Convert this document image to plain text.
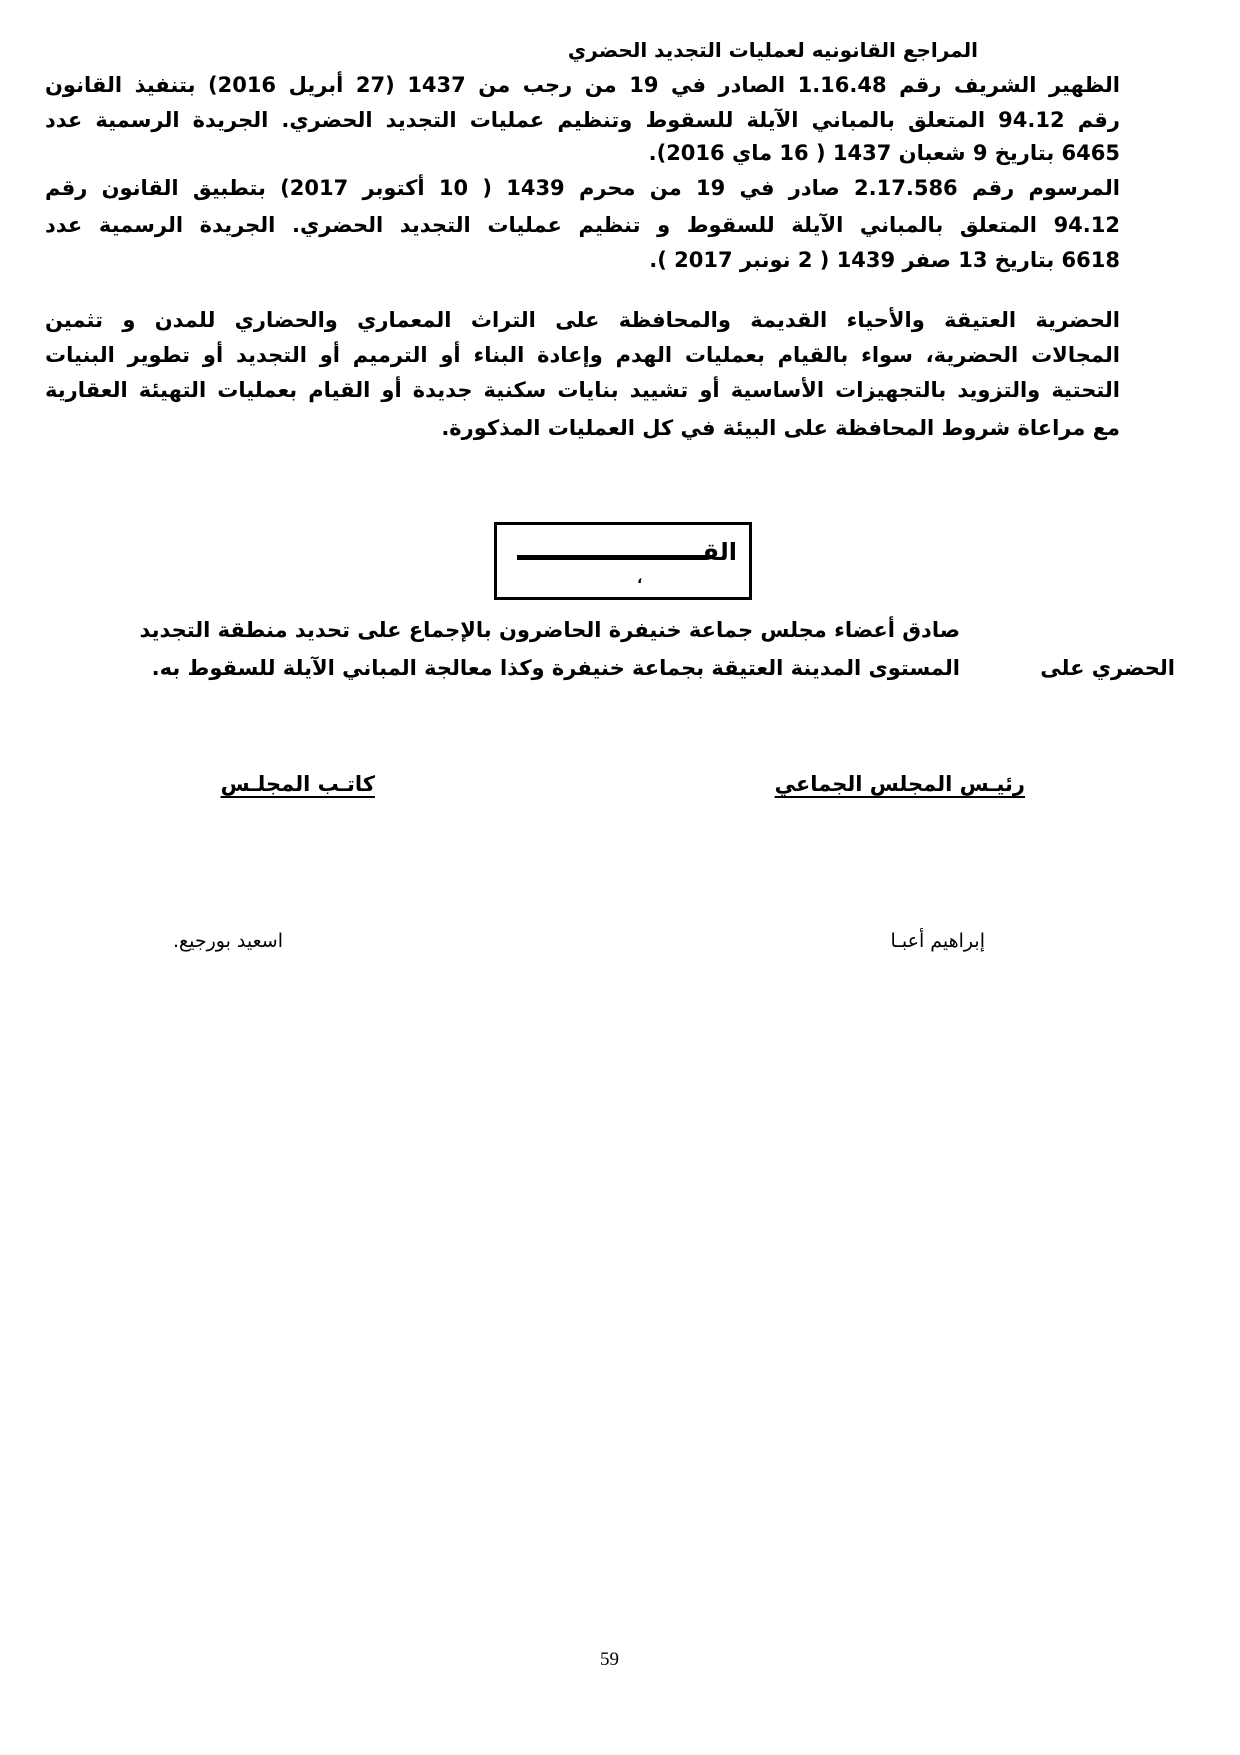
المراجع القانونيه لعمليات التجديد الحضري
الظهير الشريف رقم 1.16.48 الصادر في 19 من رجب من 1437 (27 أبريل 2016) بتنفيذ القانون
رقم 94.12 المتعلق بالمباني الآيلة للسقوط وتنظيم عمليات التجديد الحضري. الجريدة الرسمية عدد
6465 بتاريخ 9 شعبان 1437 ( 16 ماي 2016).
المرسوم رقم 2.17.586 صادر في 19 من محرم 1439 ( 10 أكتوبر 2017) بتطبيق القانون رقم
94.12 المتعلق بالمباني الآيلة للسقوط و تنظيم عمليات التجديد الحضري. الجريدة الرسمية عدد
6618 بتاريخ 13 صفر 1439 ( 2 نونبر 2017 ).
الحضرية العتيقة والأحياء القديمة والمحافظة على التراث المعماري والحضاري للمدن و تثمين
المجالات الحضرية، سواء بالقيام بعمليات الهدم وإعادة البناء أو الترميم أو التجديد أو تطوير البنيات
التحتية والتزويد بالتجهيزات الأساسية أو تشييد بنايات سكنية جديدة أو القيام بعمليات التهيئة العقارية
مع مراعاة شروط المحافظة على البيئة في كل العمليات المذكورة.
القـ
،
صادق أعضاء مجلس جماعة خنيفرة الحاضرون بالإجماع على تحديد منطقة التجديد
المستوى المدينة العتيقة بجماعة خنيفرة وكذا معالجة المباني الآيلة للسقوط به.	الحضري على
رئيـس المجلس الجماعي
كاتـب المجلـس
إبراهيم أعبـا
اسعيد بورجيع.
59
